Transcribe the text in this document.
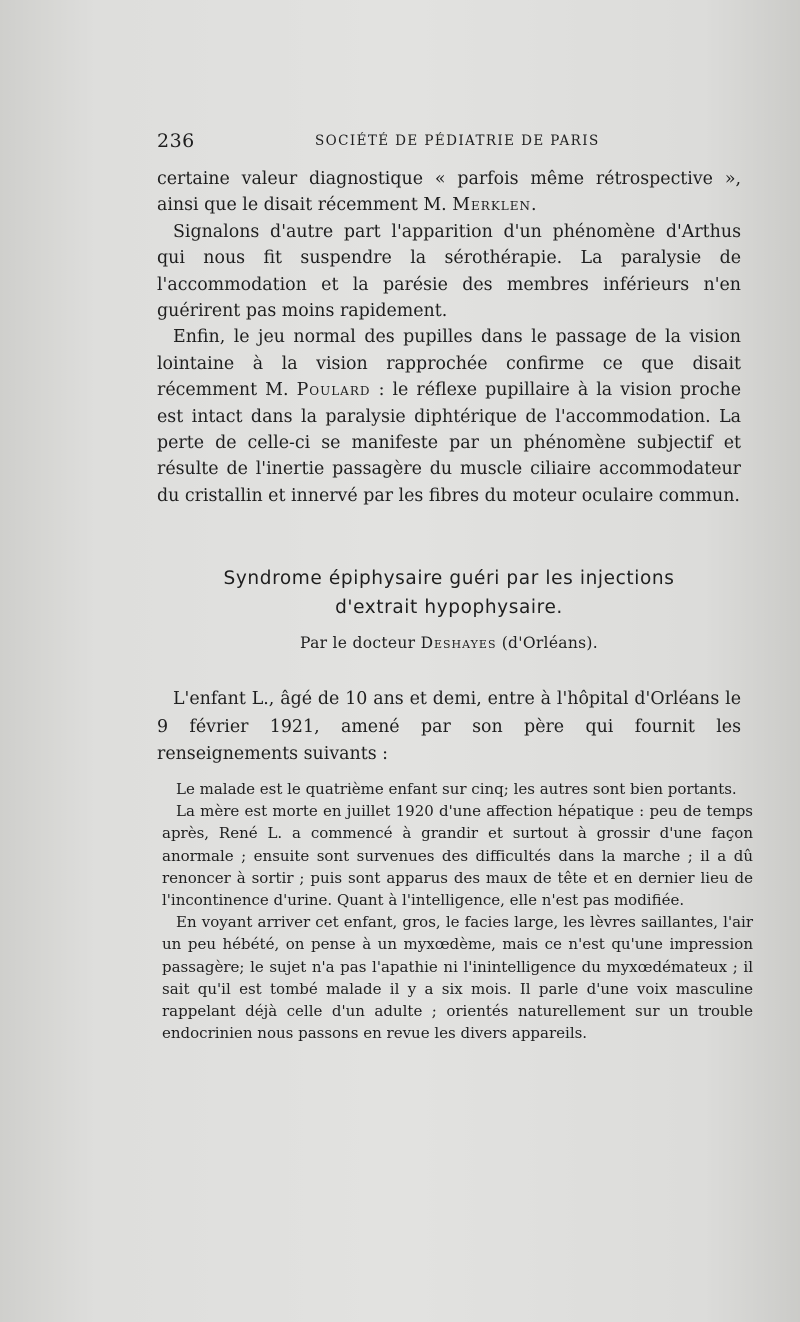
236	SOCIÉTÉ DE PÉDIATRIE DE PARIS

certaine valeur diagnostique « parfois même rétrospective », ainsi que le disait récemment M. Merklen.

Signalons d'autre part l'apparition d'un phénomène d'Arthus qui nous fit suspendre la sérothérapie. La paralysie de l'accommodation et la parésie des membres inférieurs n'en guérirent pas moins rapidement.

Enfin, le jeu normal des pupilles dans le passage de la vision lointaine à la vision rapprochée confirme ce que disait récemment M. Poulard : le réflexe pupillaire à la vision proche est intact dans la paralysie diphtérique de l'accommodation. La perte de celle-ci se manifeste par un phénomène subjectif et résulte de l'inertie passagère du muscle ciliaire accommodateur du cristallin et innervé par les fibres du moteur oculaire commun.

Syndrome épiphysaire guéri par les injections
d'extrait hypophysaire.
Par le docteur Deshayes (d'Orléans).

L'enfant L., âgé de 10 ans et demi, entre à l'hôpital d'Orléans le 9 février 1921, amené par son père qui fournit les renseignements suivants :

Le malade est le quatrième enfant sur cinq; les autres sont bien portants.

La mère est morte en juillet 1920 d'une affection hépatique : peu de temps après, René L. a commencé à grandir et surtout à grossir d'une façon anormale ; ensuite sont survenues des difficultés dans la marche ; il a dû renoncer à sortir ; puis sont apparus des maux de tête et en dernier lieu de l'incontinence d'urine. Quant à l'intelligence, elle n'est pas modifiée.

En voyant arriver cet enfant, gros, le facies large, les lèvres saillantes, l'air un peu hébété, on pense à un myxœdème, mais ce n'est qu'une impression passagère; le sujet n'a pas l'apathie ni l'inintelligence du myxœdémateux ; il sait qu'il est tombé malade il y a six mois. Il parle d'une voix masculine rappelant déjà celle d'un adulte ; orientés naturellement sur un trouble endocrinien nous passons en revue les divers appareils.
